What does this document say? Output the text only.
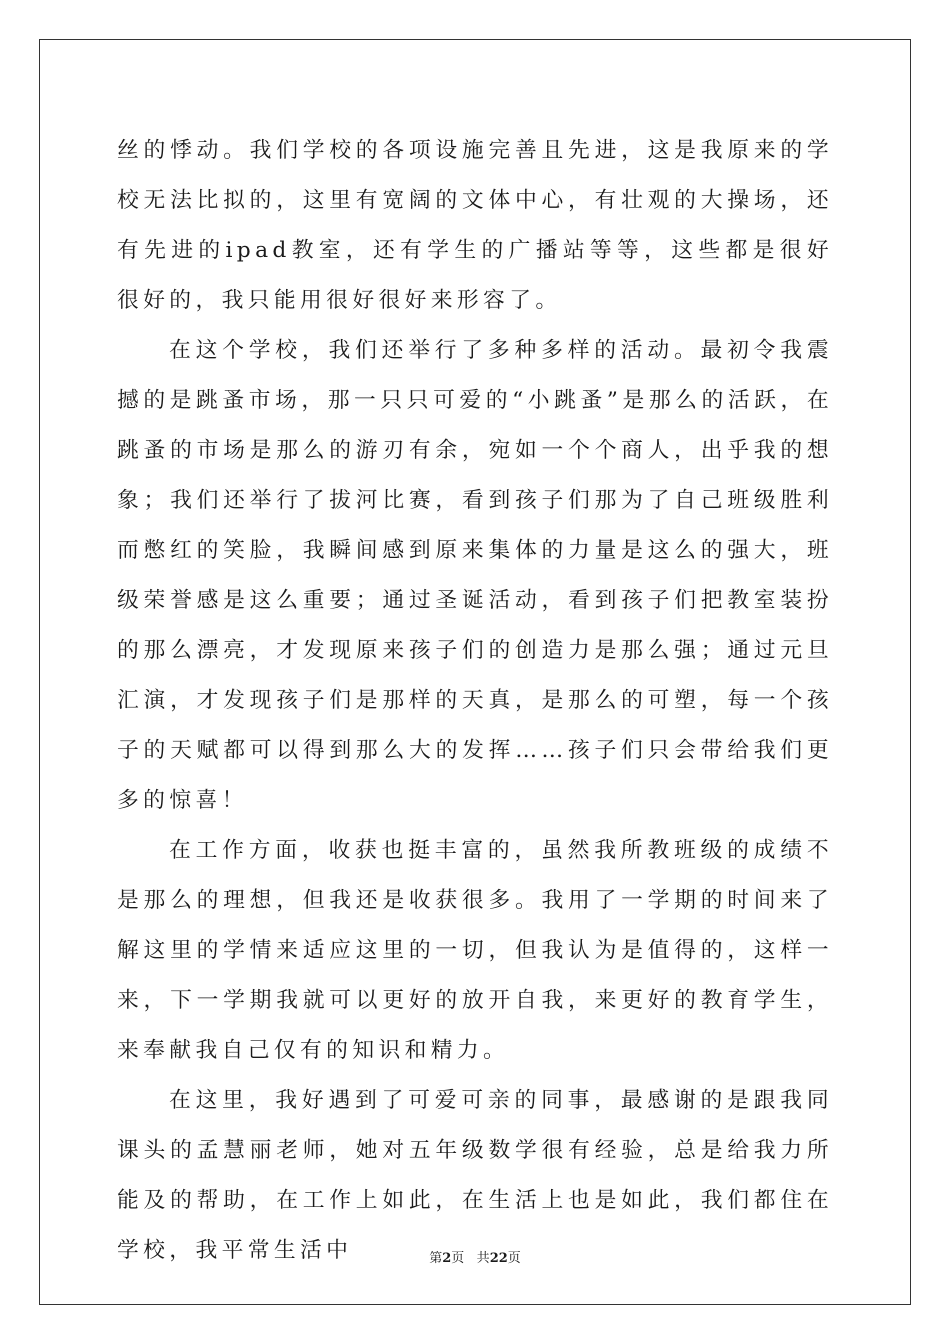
丝的悸动。我们学校的各项设施完善且先进，这是我原来的学校无法比拟的，这里有宽阔的文体中心，有壮观的大操场，还有先进的ipad教室，还有学生的广播站等等，这些都是很好很好的，我只能用很好很好来形容了。

在这个学校，我们还举行了多种多样的活动。最初令我震撼的是跳蚤市场，那一只只可爱的“小跳蚤”是那么的活跃，在跳蚤的市场是那么的游刃有余，宛如一个个商人，出乎我的想象；我们还举行了拔河比赛，看到孩子们那为了自己班级胜利而憋红的笑脸，我瞬间感到原来集体的力量是这么的强大，班级荣誉感是这么重要；通过圣诞活动，看到孩子们把教室装扮的那么漂亮，才发现原来孩子们的创造力是那么强；通过元旦汇演，才发现孩子们是那样的天真，是那么的可塑，每一个孩子的天赋都可以得到那么大的发挥……孩子们只会带给我们更多的惊喜！

在工作方面，收获也挺丰富的，虽然我所教班级的成绩不是那么的理想，但我还是收获很多。我用了一学期的时间来了解这里的学情来适应这里的一切，但我认为是值得的，这样一来，下一学期我就可以更好的放开自我，来更好的教育学生，来奉献我自己仅有的知识和精力。

在这里，我好遇到了可爱可亲的同事，最感谢的是跟我同课头的孟慧丽老师，她对五年级数学很有经验，总是给我力所能及的帮助，在工作上如此，在生活上也是如此，我们都住在学校，我平常生活中	第2页 共22页
